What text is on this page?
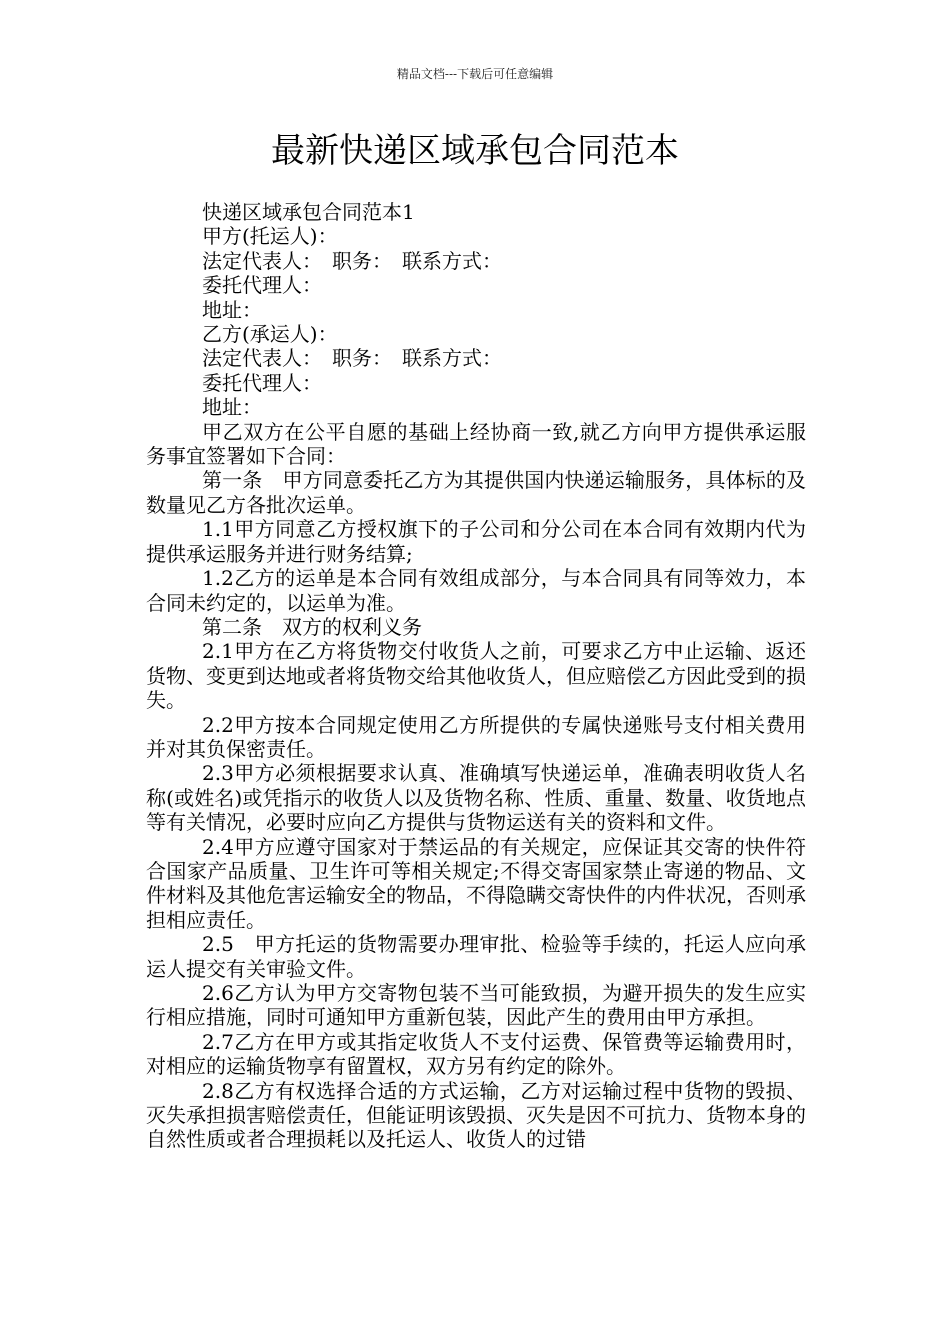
精品文档---下载后可任意编辑
最新快递区域承包合同范本

快递区域承包合同范本1

甲方(托运人)：

法定代表人：　职务：　联系方式：

委托代理人：

地址：

乙方(承运人)：

法定代表人：　职务：　联系方式：

委托代理人：

地址：

甲乙双方在公平自愿的基础上经协商一致,就乙方向甲方提供承运服务事宜签署如下合同：

第一条　甲方同意委托乙方为其提供国内快递运输服务，具体标的及数量见乙方各批次运单。

1.1甲方同意乙方授权旗下的子公司和分公司在本合同有效期内代为提供承运服务并进行财务结算;

1.2乙方的运单是本合同有效组成部分，与本合同具有同等效力，本合同未约定的，以运单为准。

第二条　双方的权利义务

2.1甲方在乙方将货物交付收货人之前，可要求乙方中止运输、返还货物、变更到达地或者将货物交给其他收货人，但应赔偿乙方因此受到的损失。

2.2甲方按本合同规定使用乙方所提供的专属快递账号支付相关费用并对其负保密责任。

2.3甲方必须根据要求认真、准确填写快递运单，准确表明收货人名称(或姓名)或凭指示的收货人以及货物名称、性质、重量、数量、收货地点等有关情况，必要时应向乙方提供与货物运送有关的资料和文件。

2.4甲方应遵守国家对于禁运品的有关规定，应保证其交寄的快件符合国家产品质量、卫生许可等相关规定;不得交寄国家禁止寄递的物品、文件材料及其他危害运输安全的物品，不得隐瞒交寄快件的内件状况，否则承担相应责任。

2.5　甲方托运的货物需要办理审批、检验等手续的，托运人应向承运人提交有关审验文件。

2.6乙方认为甲方交寄物包装不当可能致损，为避开损失的发生应实行相应措施，同时可通知甲方重新包装，因此产生的费用由甲方承担。

2.7乙方在甲方或其指定收货人不支付运费、保管费等运输费用时，对相应的运输货物享有留置权，双方另有约定的除外。

2.8乙方有权选择合适的方式运输，乙方对运输过程中货物的毁损、灭失承担损害赔偿责任，但能证明该毁损、灭失是因不可抗力、货物本身的自然性质或者合理损耗以及托运人、收货人的过错
